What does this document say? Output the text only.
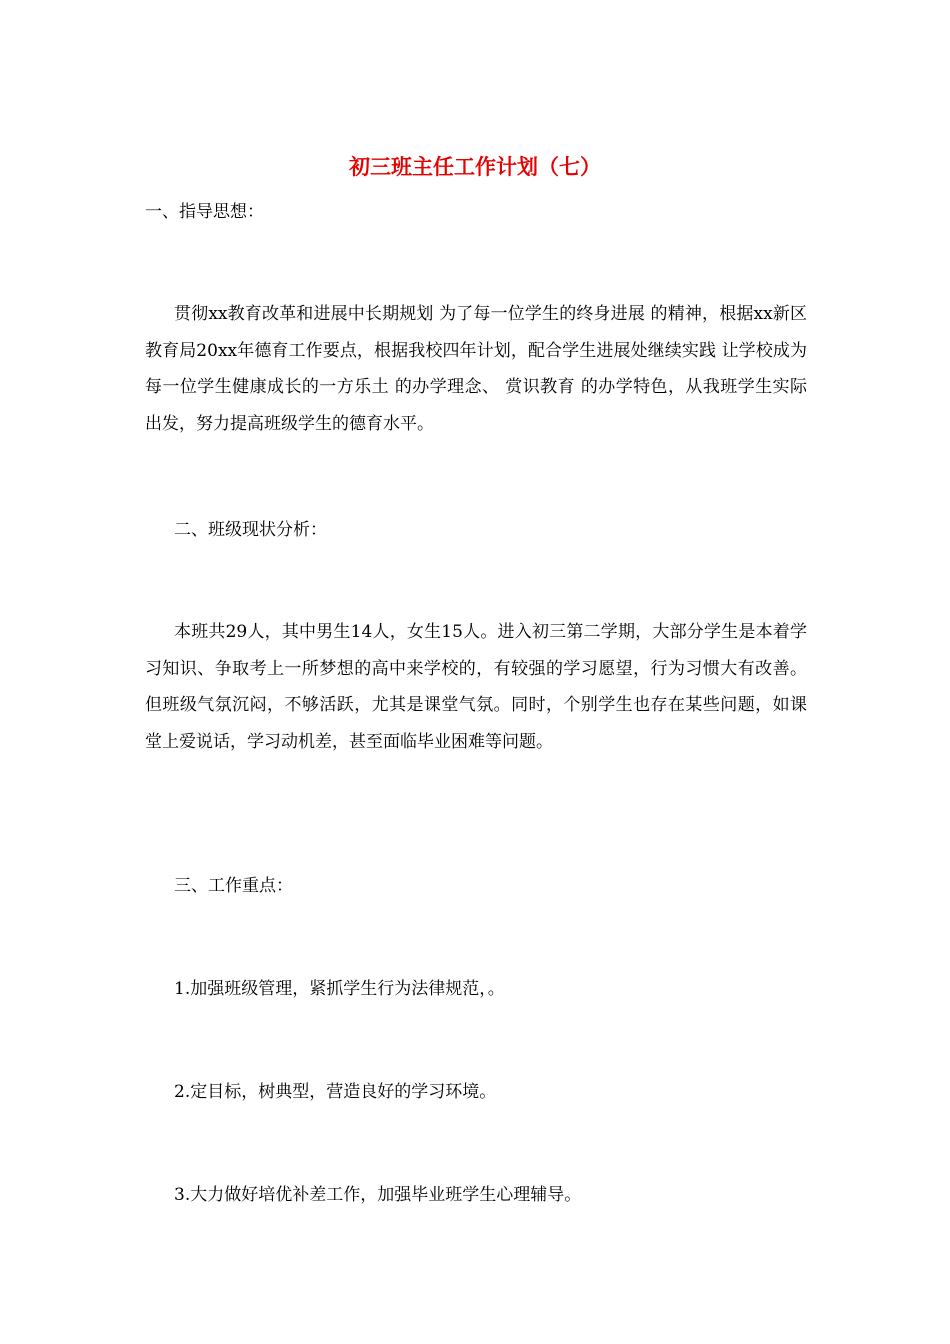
初三班主任工作计划（七）

一、指导思想：

贯彻xx教育改革和进展中长期规划 为了每一位学生的终身进展 的精神，根据xx新区教育局20xx年德育工作要点，根据我校四年计划，配合学生进展处继续实践 让学校成为每一位学生健康成长的一方乐土 的办学理念、 赏识教育 的办学特色，从我班学生实际出发，努力提高班级学生的德育水平。

二、班级现状分析：

本班共29人，其中男生14人，女生15人。进入初三第二学期，大部分学生是本着学习知识、争取考上一所梦想的高中来学校的，有较强的学习愿望，行为习惯大有改善。但班级气氛沉闷，不够活跃，尤其是课堂气氛。同时，个别学生也存在某些问题，如课堂上爱说话，学习动机差，甚至面临毕业困难等问题。

三、工作重点：

1.加强班级管理，紧抓学生行为法律规范，。

2.定目标，树典型，营造良好的学习环境。

3.大力做好培优补差工作，加强毕业班学生心理辅导。
